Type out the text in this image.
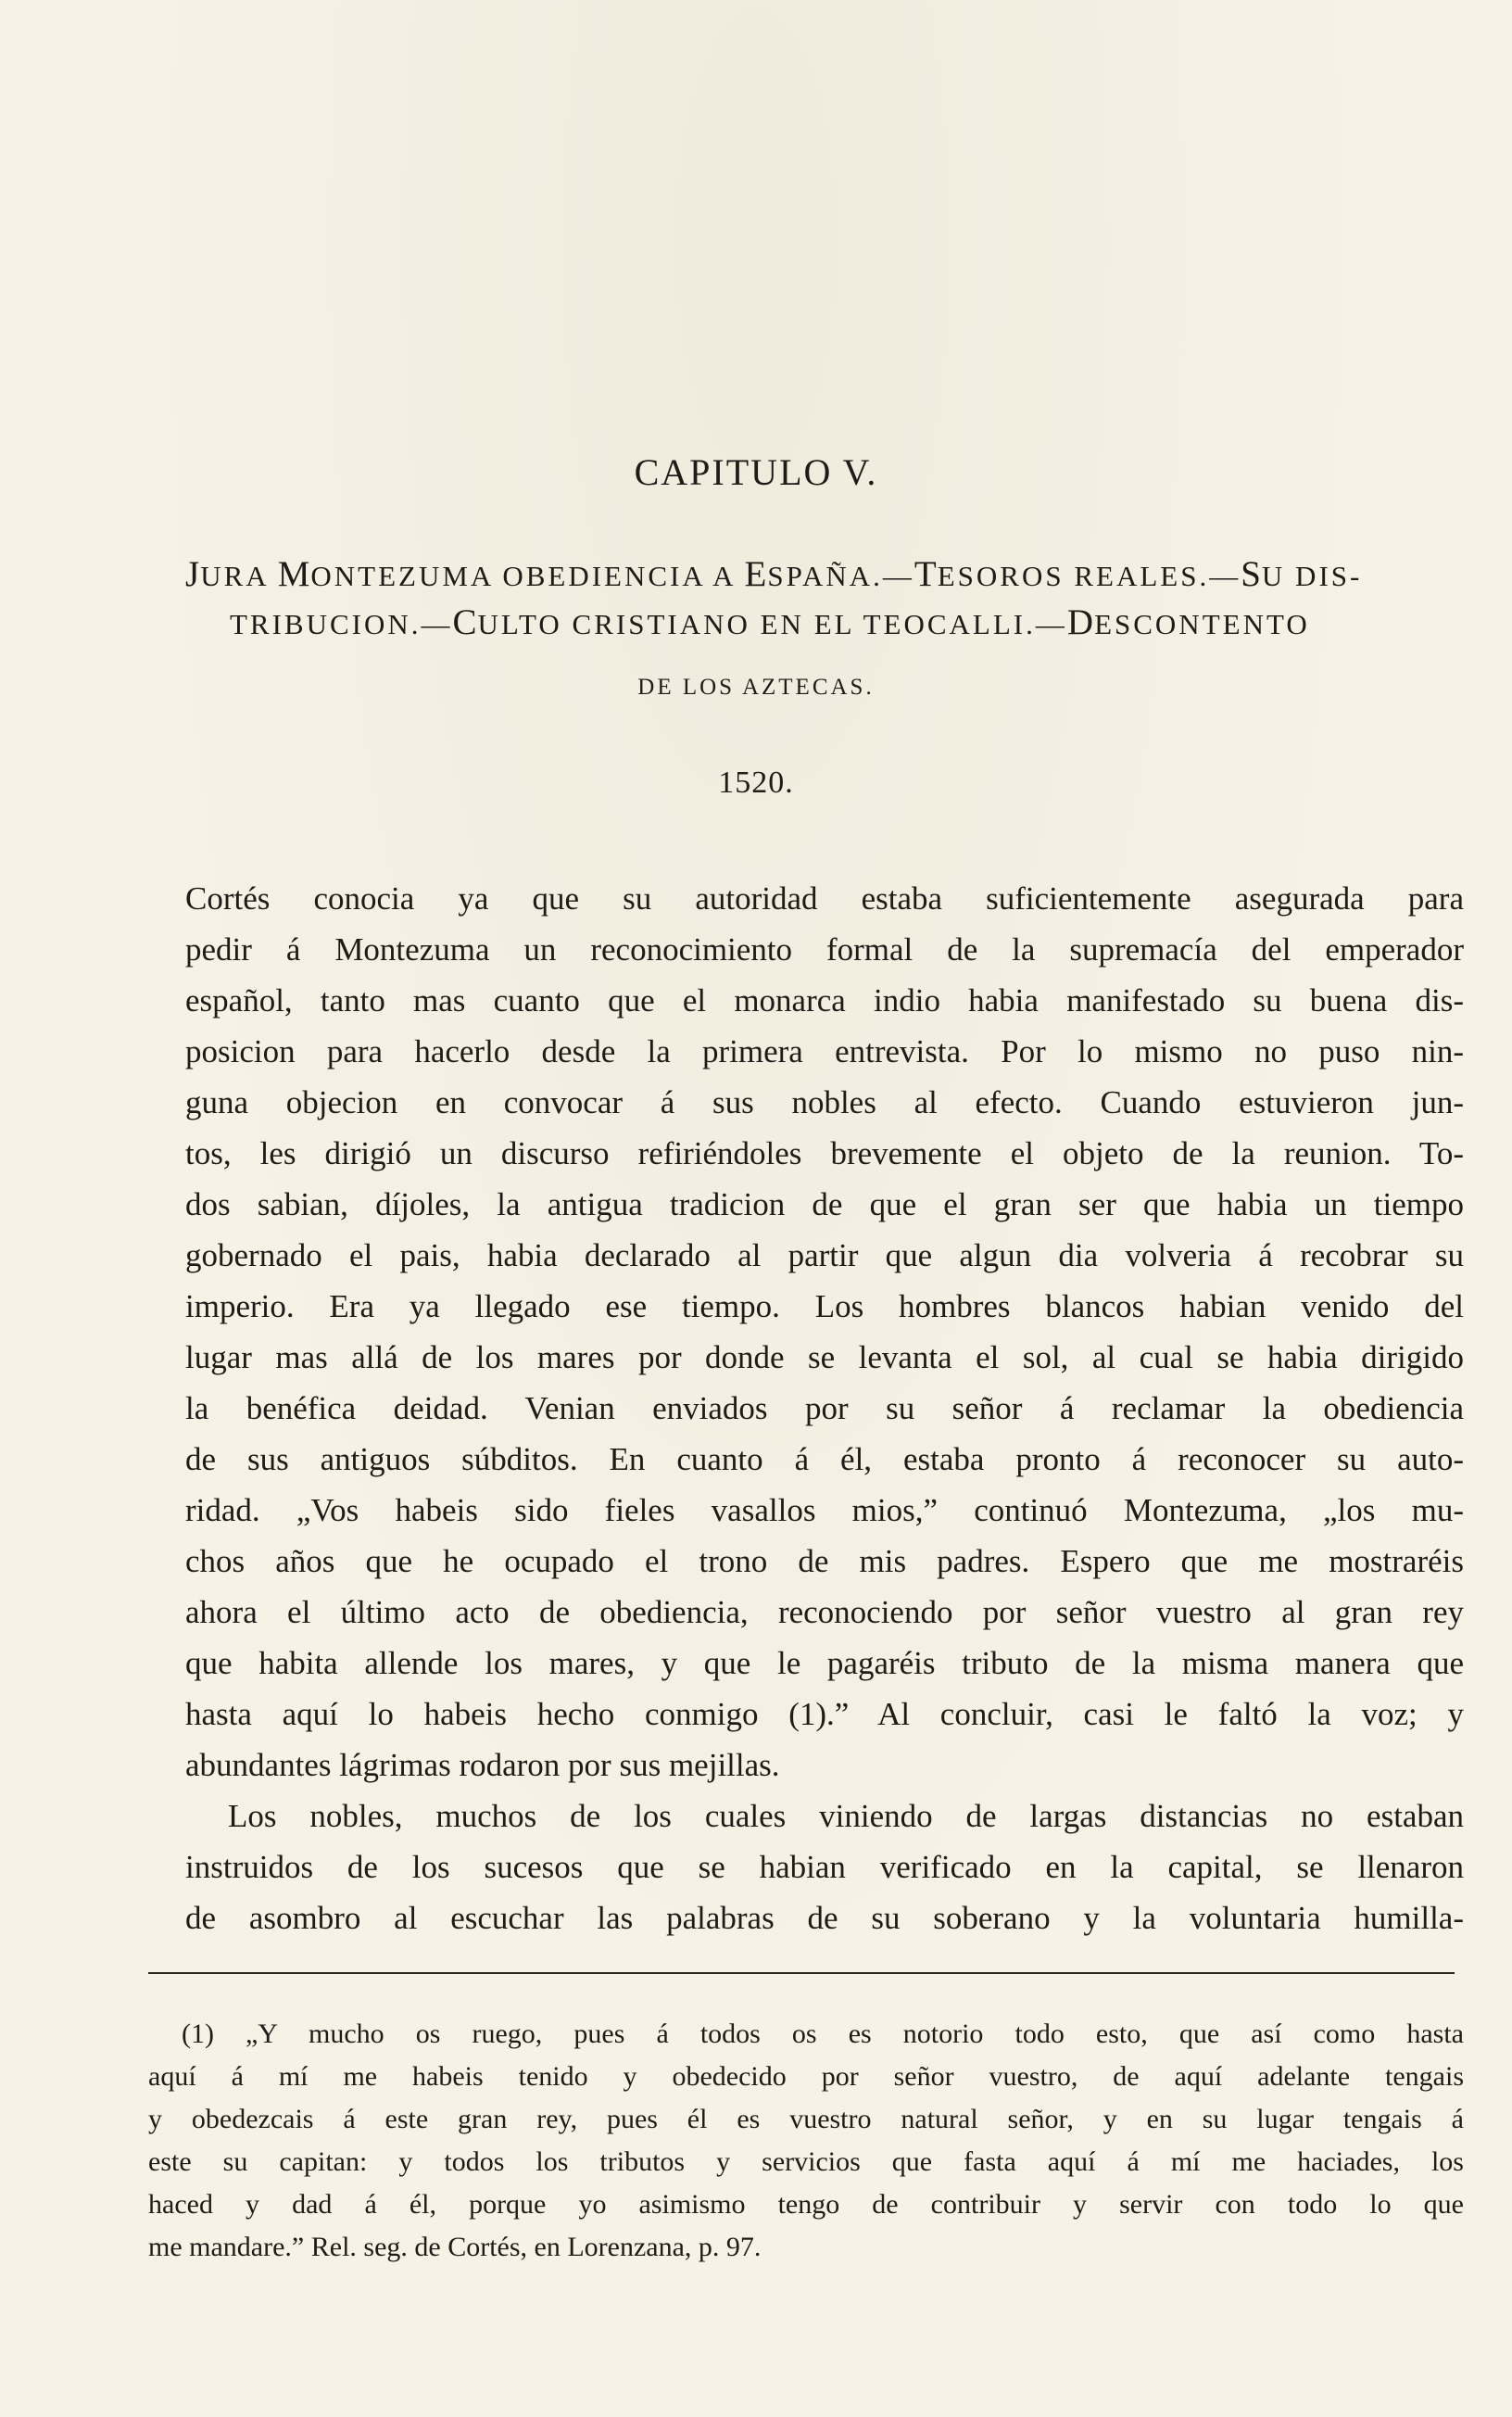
CAPITULO V.
JURA MONTEZUMA OBEDIENCIA A ESPAÑA.—TESOROS REALES.—SU DIS-
TRIBUCION.—CULTO CRISTIANO EN EL TEOCALLI.—DESCONTENTO
DE LOS AZTECAS.
1520.
Cortés conocia ya que su autoridad estaba suficientemente asegurada para
pedir á Montezuma un reconocimiento formal de la supremacía del emperador
español, tanto mas cuanto que el monarca indio habia manifestado su buena dis-
posicion para hacerlo desde la primera entrevista. Por lo mismo no puso nin-
guna objecion en convocar á sus nobles al efecto. Cuando estuvieron jun-
tos, les dirigió un discurso refiriéndoles brevemente el objeto de la reunion. To-
dos sabian, díjoles, la antigua tradicion de que el gran ser que habia un tiempo
gobernado el pais, habia declarado al partir que algun dia volveria á recobrar su
imperio. Era ya llegado ese tiempo. Los hombres blancos habian venido del
lugar mas allá de los mares por donde se levanta el sol, al cual se habia dirigido
la benéfica deidad. Venian enviados por su señor á reclamar la obediencia
de sus antiguos súbditos. En cuanto á él, estaba pronto á reconocer su auto-
ridad. „Vos habeis sido fieles vasallos mios,” continuó Montezuma, „los mu-
chos años que he ocupado el trono de mis padres. Espero que me mostraréis
ahora el último acto de obediencia, reconociendo por señor vuestro al gran rey
que habita allende los mares, y que le pagaréis tributo de la misma manera que
hasta aquí lo habeis hecho conmigo (1).” Al concluir, casi le faltó la voz; y
abundantes lágrimas rodaron por sus mejillas.
Los nobles, muchos de los cuales viniendo de largas distancias no estaban
instruidos de los sucesos que se habian verificado en la capital, se llenaron
de asombro al escuchar las palabras de su soberano y la voluntaria humilla-
(1) „Y mucho os ruego, pues á todos os es notorio todo esto, que así como hasta
aquí á mí me habeis tenido y obedecido por señor vuestro, de aquí adelante tengais
y obedezcais á este gran rey, pues él es vuestro natural señor, y en su lugar tengais á
este su capitan: y todos los tributos y servicios que fasta aquí á mí me haciades, los
haced y dad á él, porque yo asimismo tengo de contribuir y servir con todo lo que
me mandare.” Rel. seg. de Cortés, en Lorenzana, p. 97.
